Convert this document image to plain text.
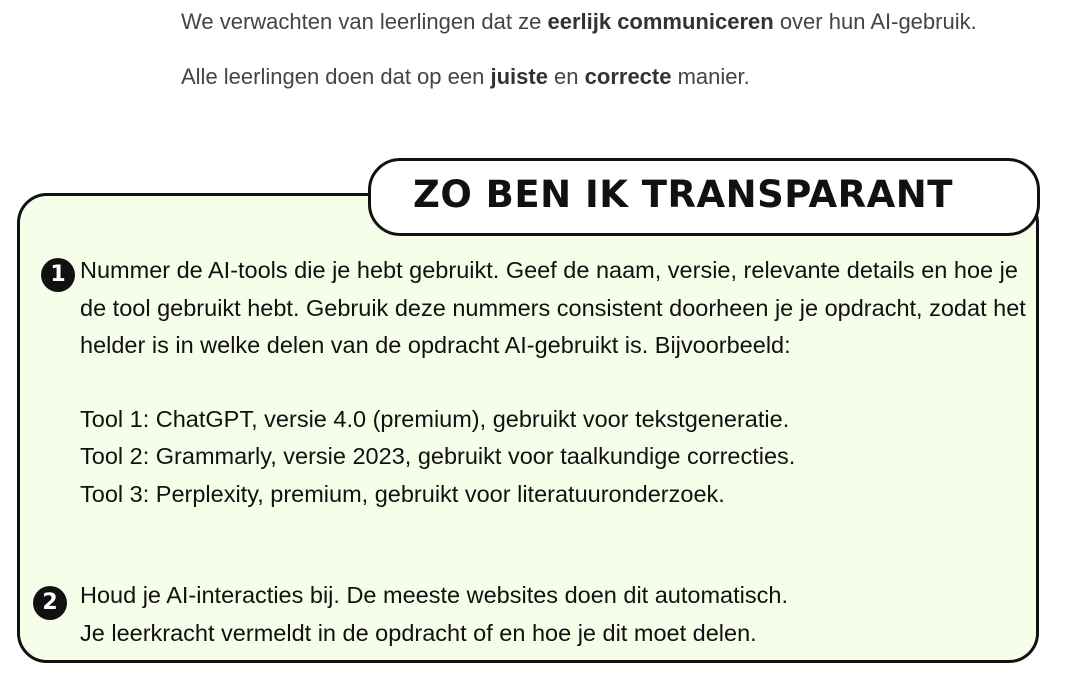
We verwachten van leerlingen dat ze eerlijk communiceren over hun AI-gebruik.

Alle leerlingen doen dat op een juiste en correcte manier.

ZO BEN IK TRANSPARANT
1 Nummer de AI-tools die je hebt gebruikt. Geef de naam, versie, relevante details en hoe je de tool gebruikt hebt. Gebruik deze nummers consistent doorheen je je opdracht, zodat het helder is in welke delen van de opdracht AI-gebruikt is. Bijvoorbeeld:

Tool 1: ChatGPT, versie 4.0 (premium), gebruikt voor tekstgeneratie.
Tool 2: Grammarly, versie 2023, gebruikt voor taalkundige correcties.
Tool 3: Perplexity, premium, gebruikt voor literatuuronderzoek.

2 Houd je AI-interacties bij. De meeste websites doen dit automatisch.

Je leerkracht vermeldt in de opdracht of en hoe je dit moet delen.
